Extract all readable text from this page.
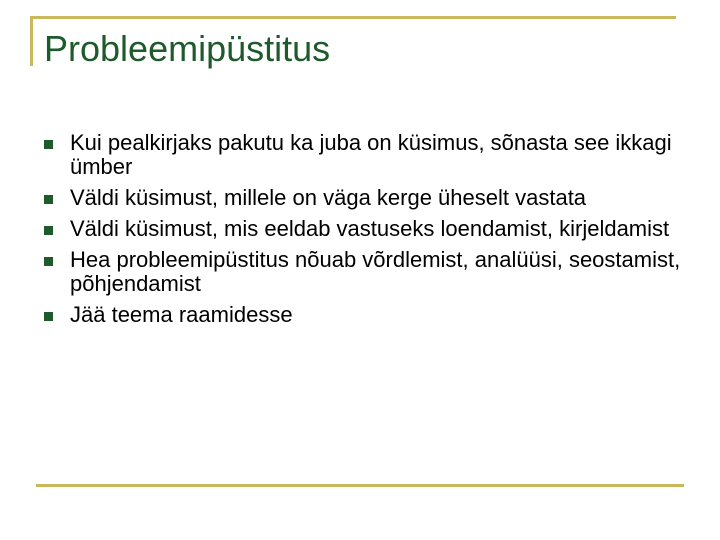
Probleemipüstitus
Kui pealkirjaks pakutu ka juba on küsimus, sõnasta see ikkagi ümber
Väldi küsimust, millele on väga kerge üheselt vastata
Väldi küsimust, mis eeldab vastuseks loendamist, kirjeldamist
Hea probleemipüstitus nõuab võrdlemist, analüüsi, seostamist, põhjendamist
Jää teema raamidesse
